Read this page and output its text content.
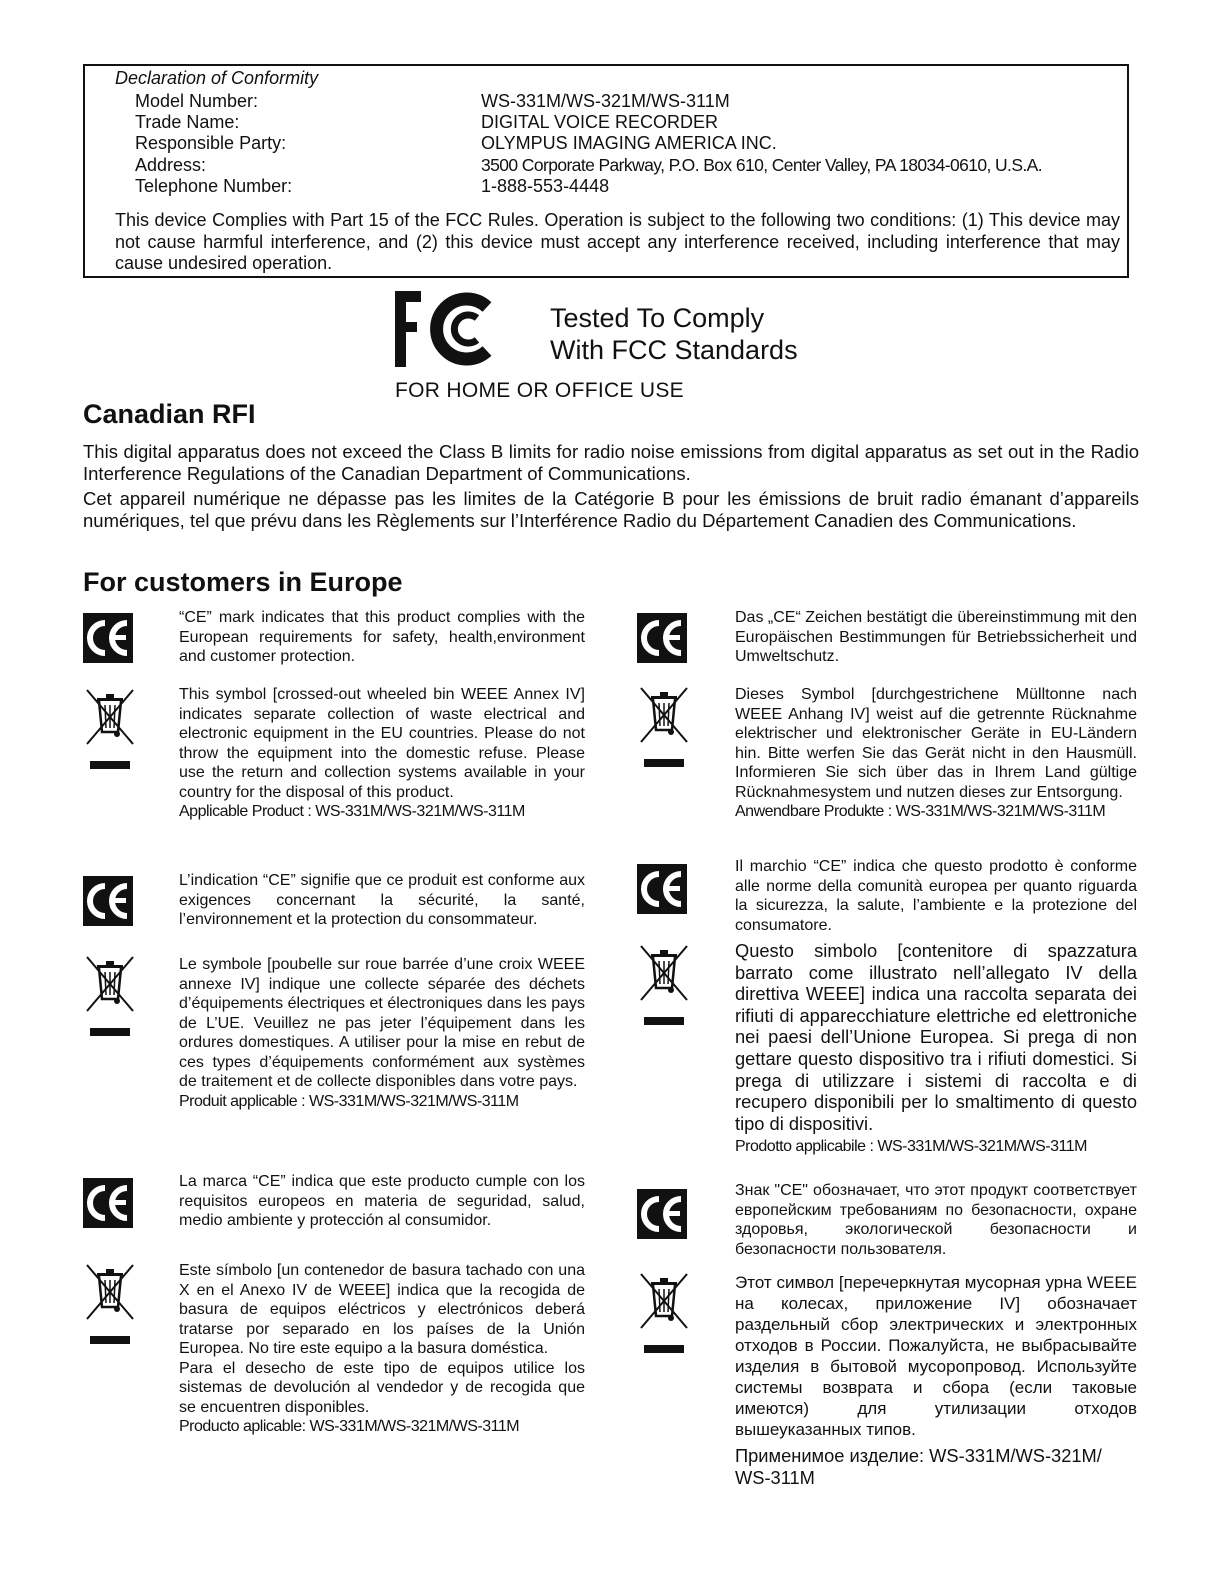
Declaration of Conformity
Model Number:	WS-331M/WS-321M/WS-311M
Trade Name:	DIGITAL VOICE RECORDER
Responsible Party:	OLYMPUS IMAGING AMERICA INC.
Address:	3500 Corporate Parkway, P.O. Box 610, Center Valley, PA 18034-0610, U.S.A.
Telephone Number:	1-888-553-4448
This device Complies with Part 15 of the FCC Rules. Operation is subject to the following two conditions: (1) This device may not cause harmful interference, and (2) this device must accept any interference received, including interference that may cause undesired operation.
Tested To Comply
With FCC Standards
FOR HOME OR OFFICE USE
Canadian RFI
This digital apparatus does not exceed the Class B limits for radio noise emissions from digital apparatus as set out in the Radio Interference Regulations of the Canadian Department of Communications.
Cet appareil numérique ne dépasse pas les limites de la Catégorie B pour les émissions de bruit radio émanant d’appareils numériques, tel que prévu dans les Règlements sur l’Interférence Radio du Département Canadien des Communications.
For customers in Europe
“CE” mark indicates that this product complies with the European requirements for safety, health,environment and customer protection.
This symbol [crossed-out wheeled bin WEEE Annex IV] indicates separate collection of waste electrical and electronic equipment in the EU countries. Please do not throw the equipment into the domestic refuse. Please use the return and collection systems available in your country for the disposal of this product.
Applicable Product : WS-331M/WS-321M/WS-311M
L’indication “CE” signifie que ce produit est conforme aux exigences concernant la sécurité, la santé, l’environnement et la protection du consommateur.
Le symbole [poubelle sur roue barrée d’une croix WEEE annexe IV] indique une collecte séparée des déchets d’équipements électriques et électroniques dans les pays de L’UE. Veuillez ne pas jeter l’équipement dans les ordures domestiques. A utiliser pour la mise en rebut de ces types d’équipements conformément aux systèmes de traitement et de collecte disponibles dans votre pays.
Produit applicable : WS-331M/WS-321M/WS-311M
La marca “CE” indica que este producto cumple con los requisitos europeos en materia de seguridad, salud, medio ambiente y protección al consumidor.
Este símbolo [un contenedor de basura tachado con una X en el Anexo IV de WEEE] indica que la recogida de basura de equipos eléctricos y electrónicos deberá tratarse por separado en los países de la Unión Europea. No tire este equipo a la basura doméstica.
Para el desecho de este tipo de equipos utilice los sistemas de devolución al vendedor y de recogida que se encuentren disponibles.
Producto aplicable: WS-331M/WS-321M/WS-311M
Das „CE“ Zeichen bestätigt die übereinstimmung mit den Europäischen Bestimmungen für Betriebssicherheit und Umweltschutz.
Dieses Symbol [durchgestrichene Mülltonne nach WEEE Anhang IV] weist auf die getrennte Rücknahme elektrischer und elektronischer Geräte in EU-Ländern hin. Bitte werfen Sie das Gerät nicht in den Hausmüll. Informieren Sie sich über das in Ihrem Land gültige Rücknahmesystem und nutzen dieses zur Entsorgung.
Anwendbare Produkte : WS-331M/WS-321M/WS-311M
Il marchio “CE” indica che questo prodotto è conforme alle norme della comunità europea per quanto riguarda la sicurezza, la salute, l’ambiente e la protezione del consumatore.
Questo simbolo [contenitore di spazzatura barrato come illustrato nell’allegato IV della direttiva WEEE] indica una raccolta separata dei rifiuti di apparecchiature elettriche ed elettroniche nei paesi dell’Unione Europea. Si prega di non gettare questo dispositivo tra i rifiuti domestici. Si prega di utilizzare i sistemi di raccolta e di recupero disponibili per lo smaltimento di questo tipo di dispositivi.
Prodotto applicabile : WS-331M/WS-321M/WS-311M
Знак "CE" обозначает, что этот продукт соответствует европейским требованиям по безопасности, охране здоровья, экологической безопасности и безопасности пользователя.
Этот символ [перечеркнутая мусорная урна WEEE на колесах, приложение IV] обозначает раздельный сбор электрических и электронных отходов в России. Пожалуйста, не выбрасывайте изделия в бытовой мусоропровод. Используйте системы возврата и сбора (если таковые имеются) для утилизации отходов вышеуказанных типов.
Применимое изделие: WS-331M/WS-321M/ WS-311M
